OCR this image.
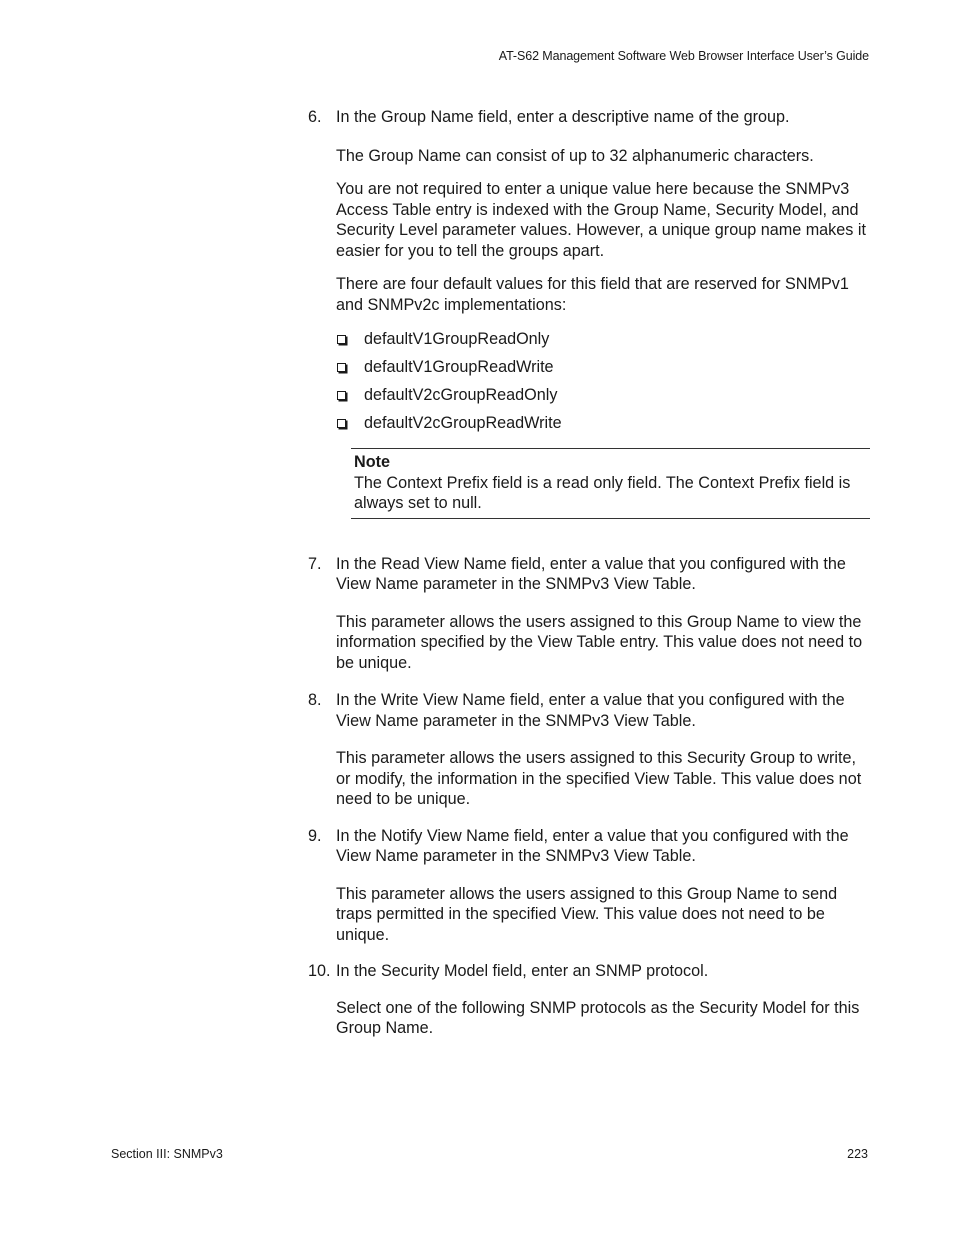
AT-S62 Management Software Web Browser Interface User’s Guide
6. In the Group Name field, enter a descriptive name of the group.

The Group Name can consist of up to 32 alphanumeric characters.

You are not required to enter a unique value here because the SNMPv3 Access Table entry is indexed with the Group Name, Security Model, and Security Level parameter values. However, a unique group name makes it easier for you to tell the groups apart.

There are four default values for this field that are reserved for SNMPv1 and SNMPv2c implementations:

defaultV1GroupReadOnly
defaultV1GroupReadWrite
defaultV2cGroupReadOnly
defaultV2cGroupReadWrite
Note
The Context Prefix field is a read only field. The Context Prefix field is always set to null.
7. In the Read View Name field, enter a value that you configured with the View Name parameter in the SNMPv3 View Table.

This parameter allows the users assigned to this Group Name to view the information specified by the View Table entry. This value does not need to be unique.

8. In the Write View Name field, enter a value that you configured with the View Name parameter in the SNMPv3 View Table.

This parameter allows the users assigned to this Security Group to write, or modify, the information in the specified View Table. This value does not need to be unique.

9. In the Notify View Name field, enter a value that you configured with the View Name parameter in the SNMPv3 View Table.

This parameter allows the users assigned to this Group Name to send traps permitted in the specified View. This value does not need to be unique.

10. In the Security Model field, enter an SNMP protocol.

Select one of the following SNMP protocols as the Security Model for this Group Name.

Section III: SNMPv3	223
